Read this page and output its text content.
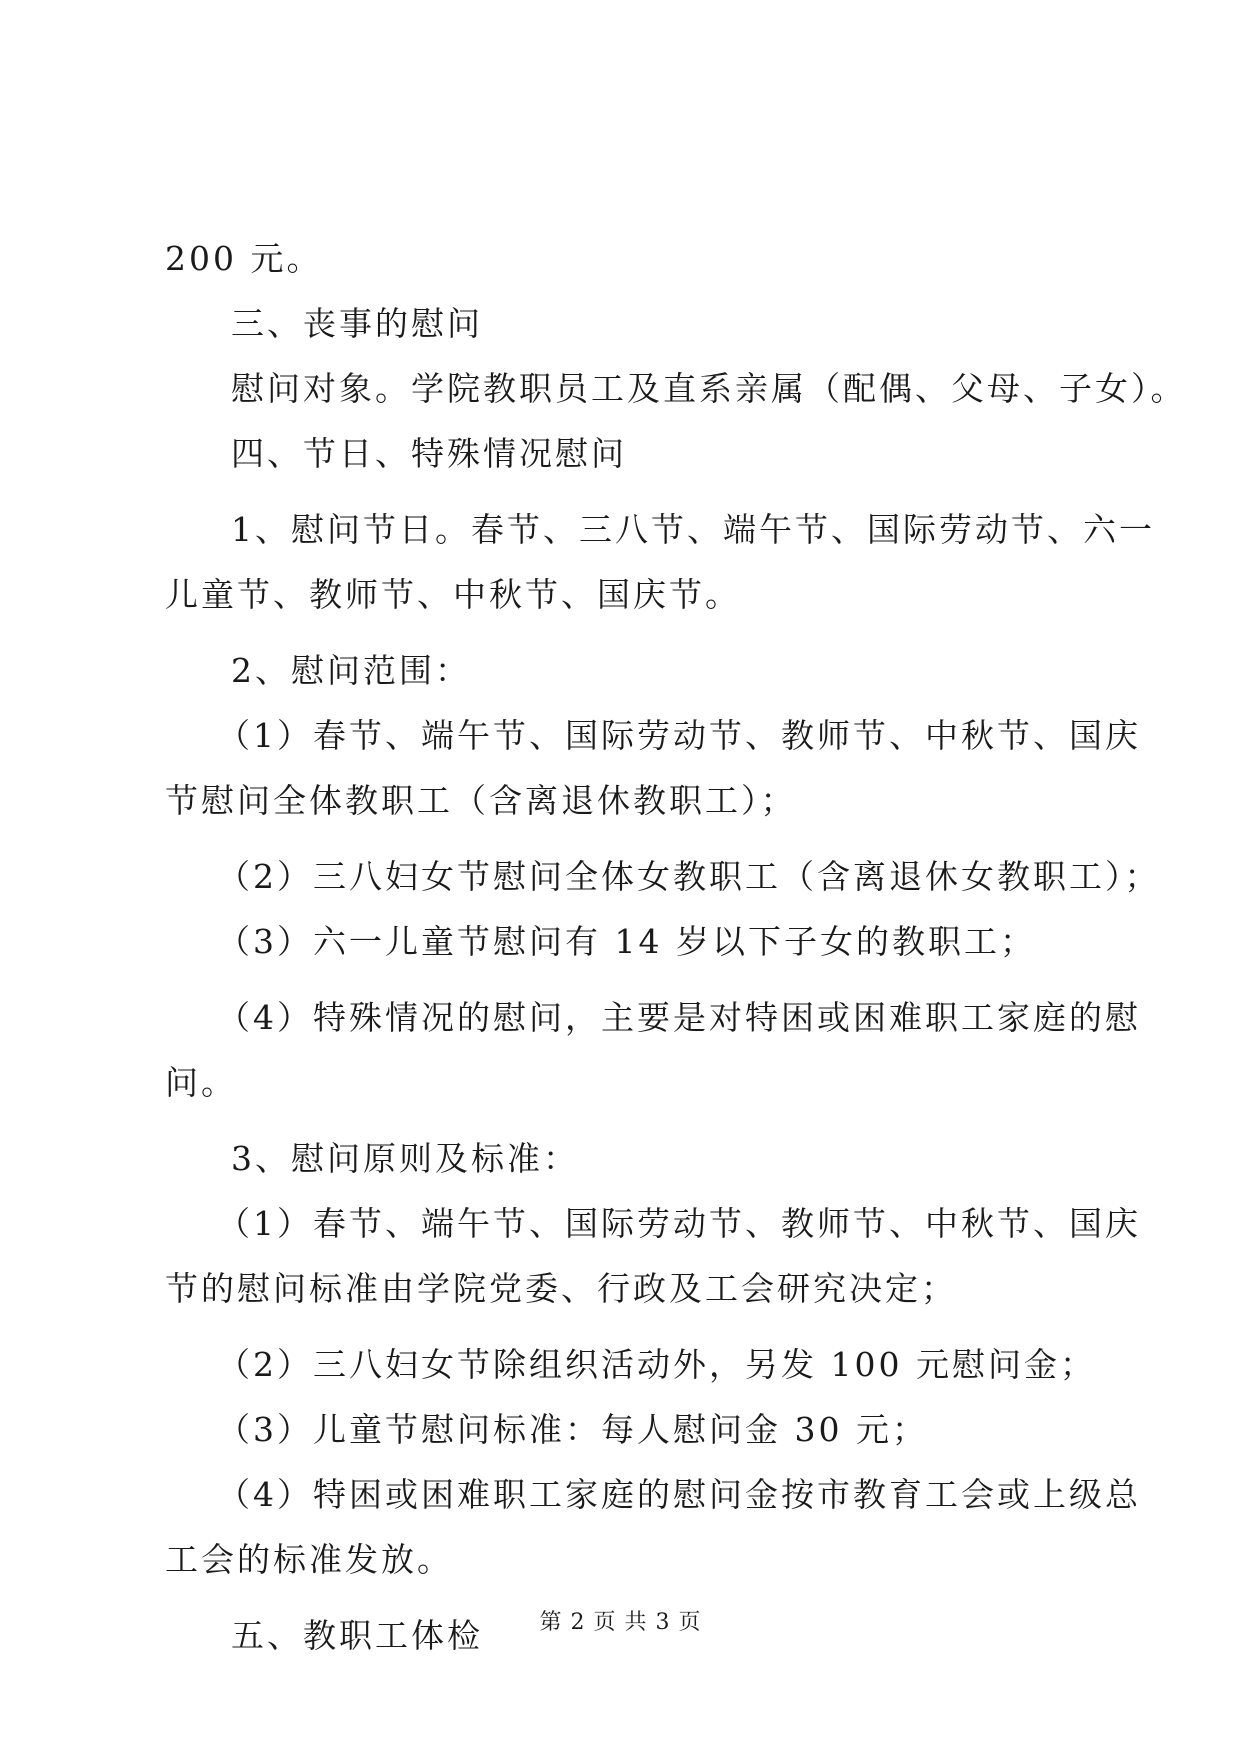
200 元。
三、丧事的慰问
慰问对象。学院教职员工及直系亲属（配偶、父母、子女）。
四、节日、特殊情况慰问
1、慰问节日。春节、三八节、端午节、国际劳动节、六一
儿童节、教师节、中秋节、国庆节。
2、慰问范围：
（1）春节、端午节、国际劳动节、教师节、中秋节、国庆
节慰问全体教职工（含离退休教职工）；
（2）三八妇女节慰问全体女教职工（含离退休女教职工）；
（3）六一儿童节慰问有 14 岁以下子女的教职工；
（4）特殊情况的慰问，主要是对特困或困难职工家庭的慰
问。
3、慰问原则及标准：
（1）春节、端午节、国际劳动节、教师节、中秋节、国庆
节的慰问标准由学院党委、行政及工会研究决定；
（2）三八妇女节除组织活动外，另发 100 元慰问金；
（3）儿童节慰问标准：每人慰问金 30 元；
（4）特困或困难职工家庭的慰问金按市教育工会或上级总
工会的标准发放。
五、教职工体检	第 2 页 共 3 页
